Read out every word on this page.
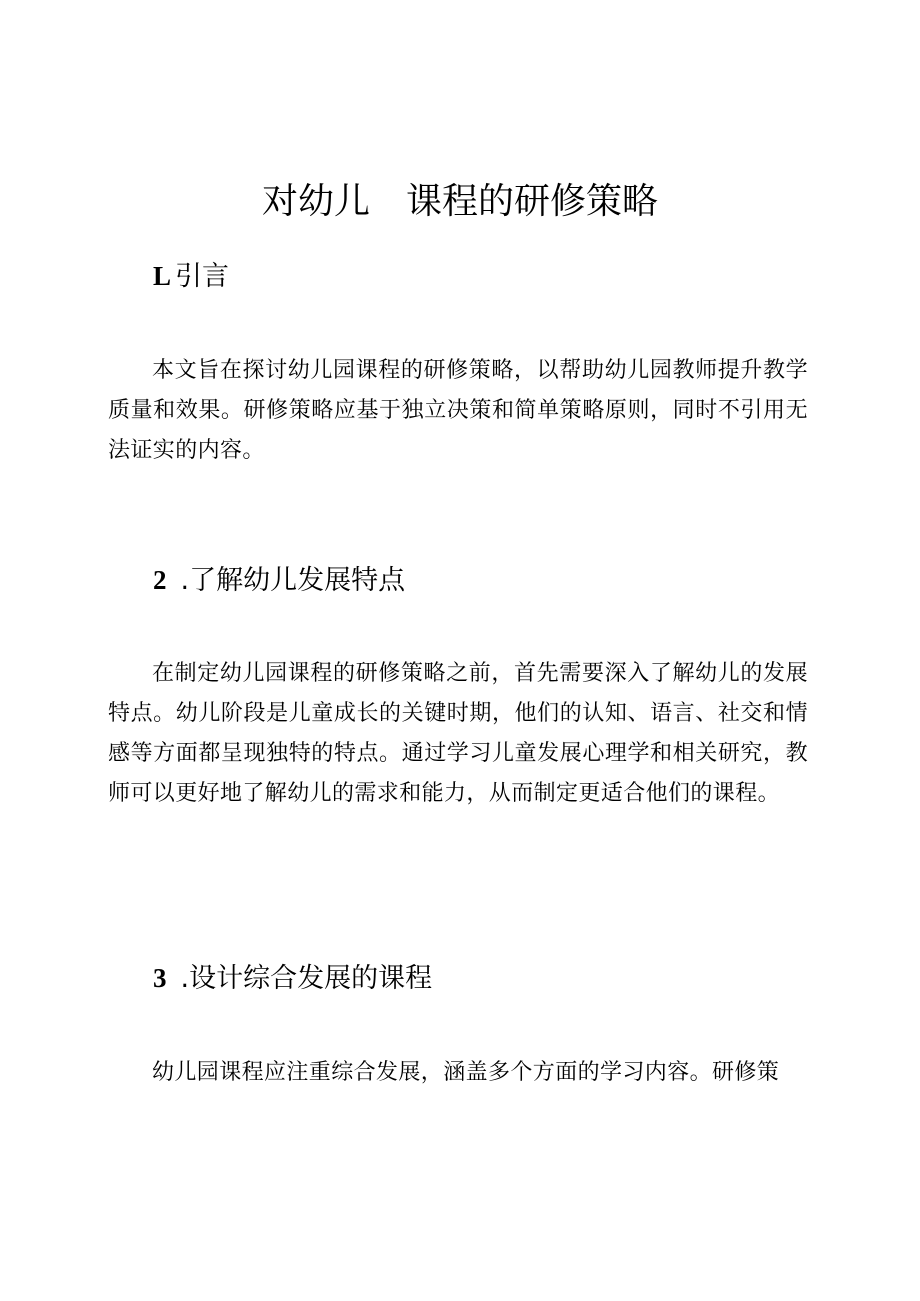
对幼儿　课程的研修策略
L 引言
本文旨在探讨幼儿园课程的研修策略，以帮助幼儿园教师提升教学质量和效果。研修策略应基于独立决策和简单策略原则，同时不引用无法证实的内容。
2 .了解幼儿发展特点
在制定幼儿园课程的研修策略之前，首先需要深入了解幼儿的发展特点。幼儿阶段是儿童成长的关键时期，他们的认知、语言、社交和情感等方面都呈现独特的特点。通过学习儿童发展心理学和相关研究，教师可以更好地了解幼儿的需求和能力，从而制定更适合他们的课程。
3 .设计综合发展的课程
幼儿园课程应注重综合发展，涵盖多个方面的学习内容。研修策
